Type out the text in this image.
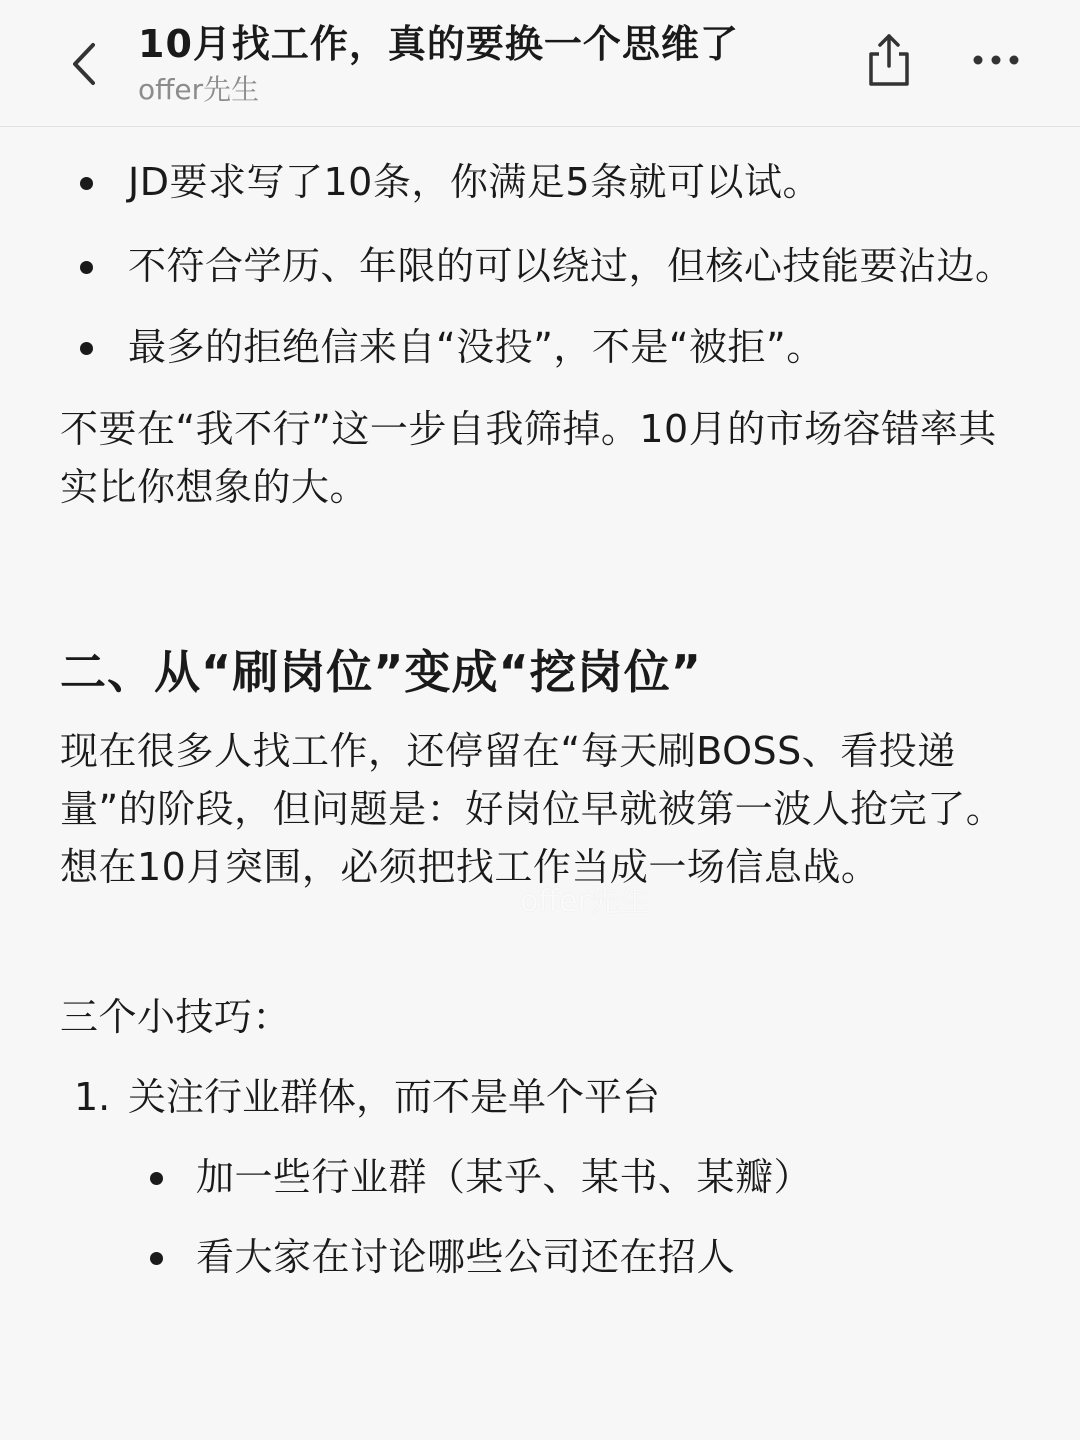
10月找工作，真的要换一个思维了
offer先生
JD要求写了10条，你满足5条就可以试。
不符合学历、年限的可以绕过，但核心技能要沾边。
最多的拒绝信来自“没投”，不是“被拒”。
不要在“我不行”这一步自我筛掉。10月的市场容错率其实比你想象的大。
二、从“刷岗位”变成“挖岗位”
现在很多人找工作，还停留在“每天刷BOSS、看投递量”的阶段，但问题是：好岗位早就被第一波人抢完了。想在10月突围，必须把找工作当成一场信息战。
三个小技巧：
1. 关注行业群体，而不是单个平台
加一些行业群（某乎、某书、某瓣）
看大家在讨论哪些公司还在招人
offer先生
